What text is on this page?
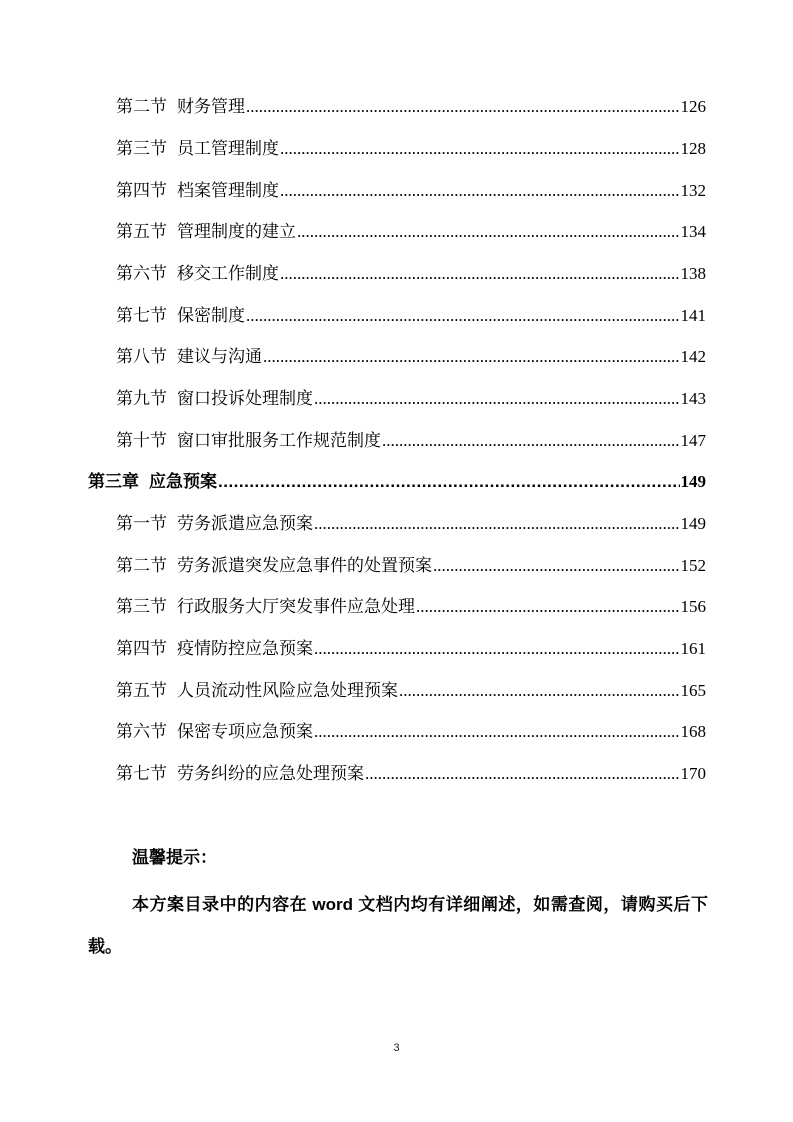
第二节 财务管理 .....	126
第三节 员工管理制度 .....	128
第四节 档案管理制度 .....	132
第五节 管理制度的建立 .....	134
第六节 移交工作制度 .....	138
第七节 保密制度 .....	141
第八节 建议与沟通 .....	142
第九节 窗口投诉处理制度 .....	143
第十节 窗口审批服务工作规范制度 .....	147
第三章 应急预案 .....	149
第一节 劳务派遣应急预案 .....	149
第二节 劳务派遣突发应急事件的处置预案 .....	152
第三节 行政服务大厅突发事件应急处理 .....	156
第四节 疫情防控应急预案 .....	161
第五节 人员流动性风险应急处理预案 .....	165
第六节 保密专项应急预案 .....	168
第七节 劳务纠纷的应急处理预案 .....	170
温馨提示：
本方案目录中的内容在 word 文档内均有详细阐述，如需查阅，请购买后下载。
3
